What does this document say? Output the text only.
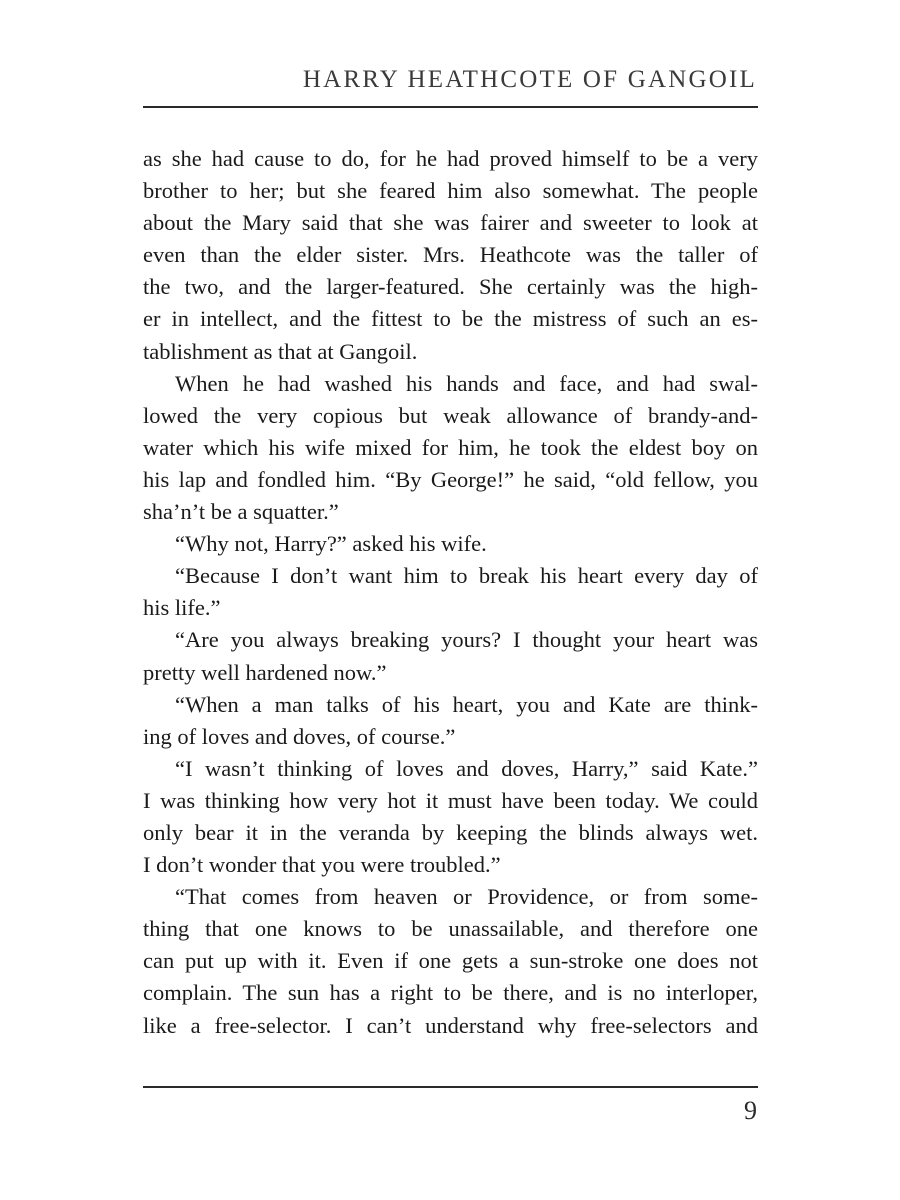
HARRY HEATHCOTE OF GANGOIL
as she had cause to do, for he had proved himself to be a very
brother to her; but she feared him also somewhat. The people
about the Mary said that she was fairer and sweeter to look at
even than the elder sister. Mrs. Heathcote was the taller of
the two, and the larger-featured. She certainly was the high-
er in intellect, and the fittest to be the mistress of such an es-
tablishment as that at Gangoil.
When he had washed his hands and face, and had swal-
lowed the very copious but weak allowance of brandy-and-
water which his wife mixed for him, he took the eldest boy on
his lap and fondled him. “By George!” he said, “old fellow, you
sha’n’t be a squatter.”
“Why not, Harry?” asked his wife.
“Because I don’t want him to break his heart every day of
his life.”
“Are you always breaking yours? I thought your heart was
pretty well hardened now.”
“When a man talks of his heart, you and Kate are think-
ing of loves and doves, of course.”
“I wasn’t thinking of loves and doves, Harry,” said Kate.”
I was thinking how very hot it must have been today. We could
only bear it in the veranda by keeping the blinds always wet.
I don’t wonder that you were troubled.”
“That comes from heaven or Providence, or from some-
thing that one knows to be unassailable, and therefore one
can put up with it. Even if one gets a sun-stroke one does not
complain. The sun has a right to be there, and is no interloper,
like a free-selector. I can’t understand why free-selectors and
9
